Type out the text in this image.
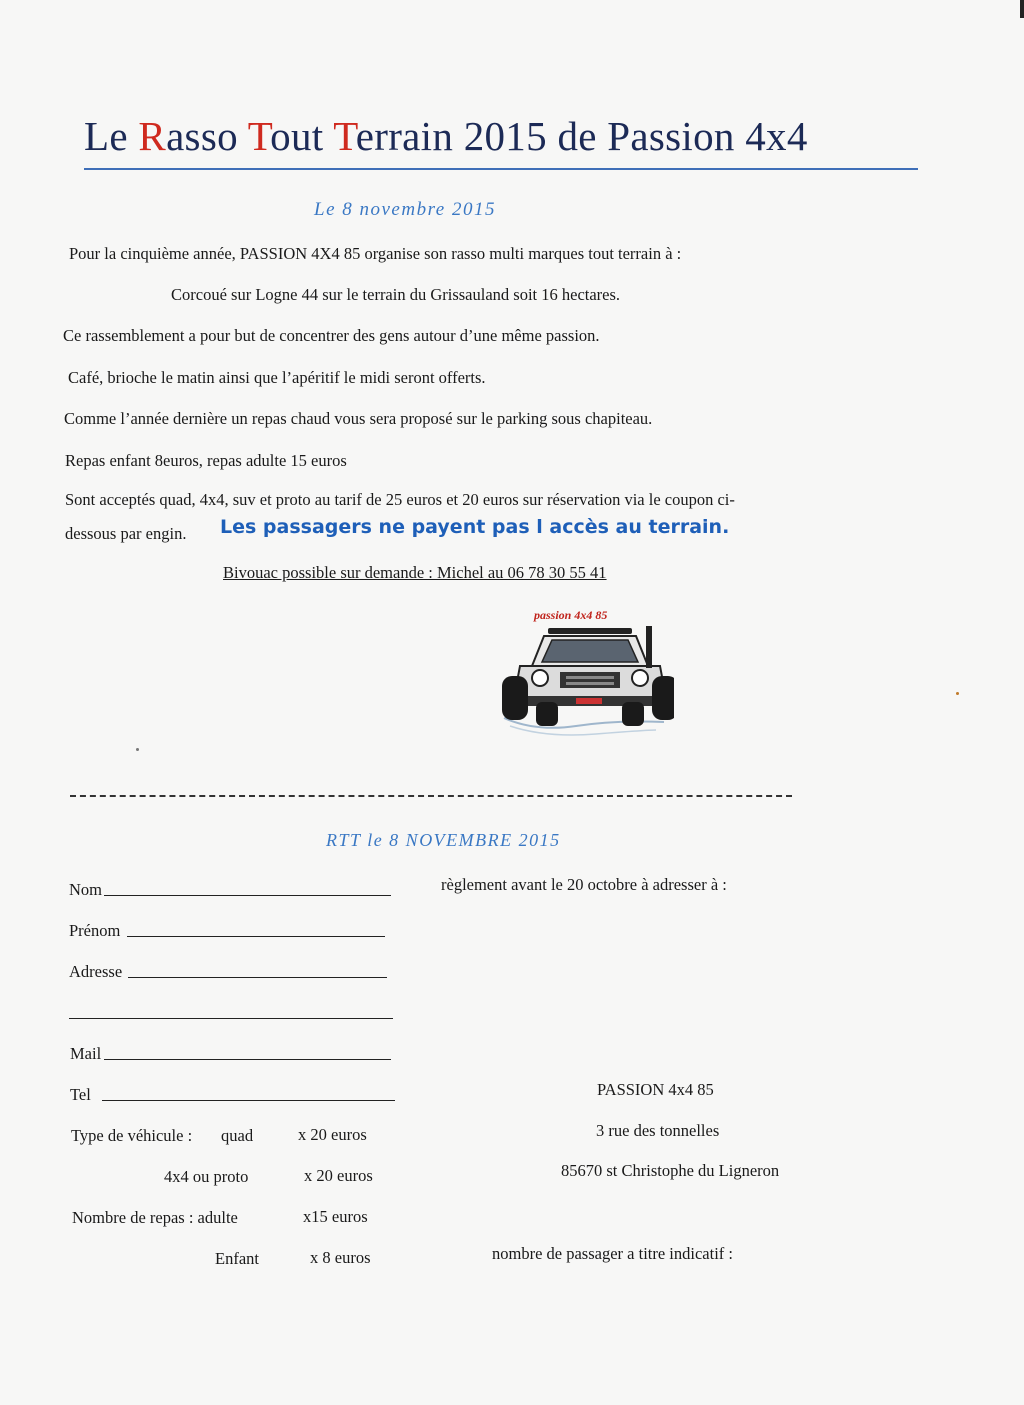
Le Rasso Tout Terrain 2015 de Passion 4x4
Le 8 novembre 2015
Pour la cinquième année, PASSION 4X4 85 organise son rasso multi marques tout terrain à :
Corcoué sur Logne 44 sur le terrain du Grissauland soit 16 hectares.
Ce rassemblement a pour but de concentrer des gens autour d’une même passion.
Café, brioche le matin ainsi que l’apéritif le midi seront offerts.
Comme l’année dernière un repas chaud vous sera proposé sur le parking sous chapiteau.
Repas enfant 8euros, repas adulte 15 euros
Sont acceptés quad, 4x4, suv et proto au tarif de 25 euros et 20 euros sur réservation via le coupon ci-
dessous par engin. Les passagers ne payent pas l accès au terrain.
Bivouac possible sur demande : Michel au 06 78 30 55 41
passion 4x4 85
RTT le 8 NOVEMBRE 2015
Nom
Prénom
Adresse
Mail
Tel
Type de véhicule : quad	x 20 euros
4x4 ou proto	x 20 euros
Nombre de repas : adulte	x15 euros
Enfant	x 8 euros
règlement avant le 20 octobre à adresser à :
PASSION 4x4 85
3 rue des tonnelles
85670 st Christophe du Ligneron
nombre de passager a titre indicatif :
